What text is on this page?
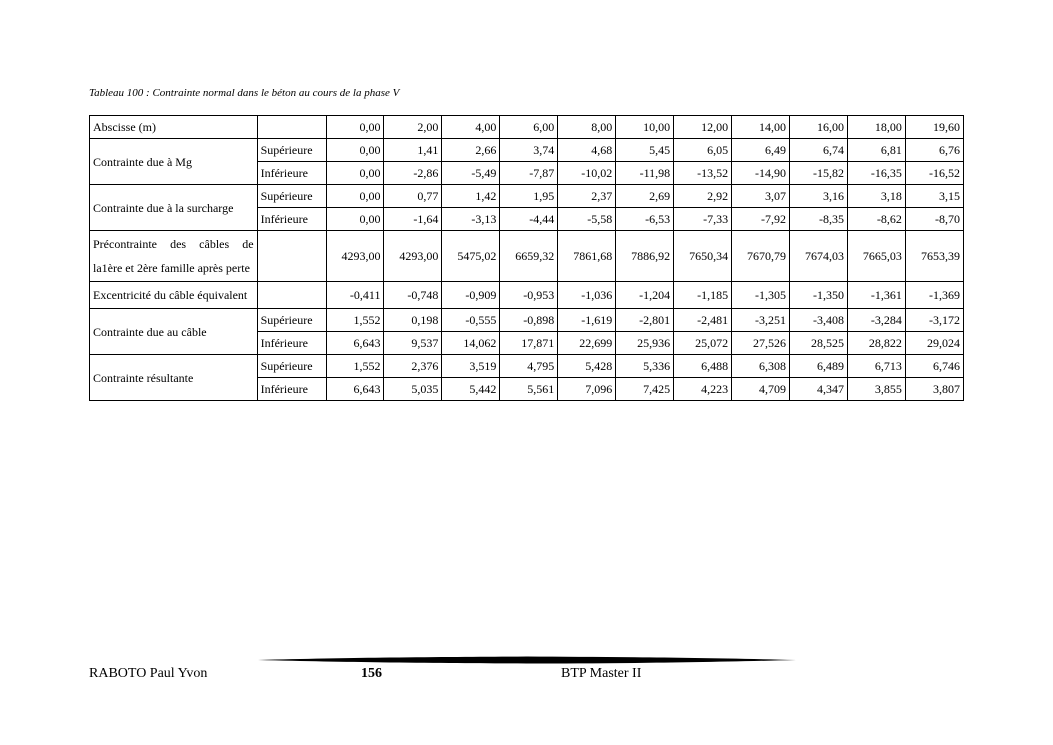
Tableau 100 : Contrainte normal dans le béton au cours de la phase V
Abscisse (m)		0,00	2,00	4,00	6,00	8,00	10,00	12,00	14,00	16,00	18,00	19,60
Contrainte due à Mg	Supérieure	0,00	1,41	2,66	3,74	4,68	5,45	6,05	6,49	6,74	6,81	6,76
	Inférieure	0,00	-2,86	-5,49	-7,87	-10,02	-11,98	-13,52	-14,90	-15,82	-16,35	-16,52
Contrainte due à la surcharge	Supérieure	0,00	0,77	1,42	1,95	2,37	2,69	2,92	3,07	3,16	3,18	3,15
	Inférieure	0,00	-1,64	-3,13	-4,44	-5,58	-6,53	-7,33	-7,92	-8,35	-8,62	-8,70
Précontrainte des câbles de la1ère et 2ère famille après perte		4293,00	4293,00	5475,02	6659,32	7861,68	7886,92	7650,34	7670,79	7674,03	7665,03	7653,39
Excentricité du câble équivalent		-0,411	-0,748	-0,909	-0,953	-1,036	-1,204	-1,185	-1,305	-1,350	-1,361	-1,369
Contrainte due au câble	Supérieure	1,552	0,198	-0,555	-0,898	-1,619	-2,801	-2,481	-3,251	-3,408	-3,284	-3,172
	Inférieure	6,643	9,537	14,062	17,871	22,699	25,936	25,072	27,526	28,525	28,822	29,024
Contrainte résultante	Supérieure	1,552	2,376	3,519	4,795	5,428	5,336	6,488	6,308	6,489	6,713	6,746
	Inférieure	6,643	5,035	5,442	5,561	7,096	7,425	4,223	4,709	4,347	3,855	3,807
RABOTO Paul Yvon	156	BTP Master II
